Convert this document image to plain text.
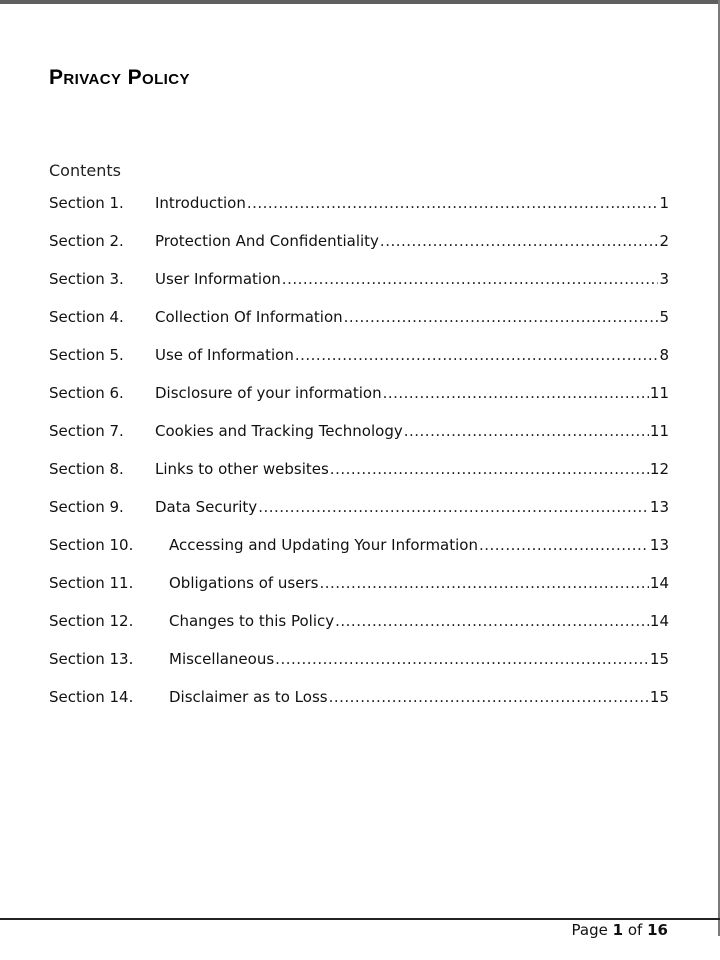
Privacy Policy
Contents
Section 1.	Introduction .....	1
Section 2.	Protection And Confidentiality .....	2
Section 3.	User Information .....	3
Section 4.	Collection Of Information .....	5
Section 5.	Use of Information .....	8
Section 6.	Disclosure of your information .....	11
Section 7.	Cookies and Tracking Technology .....	11
Section 8.	Links to other websites .....	12
Section 9.	Data Security .....	13
Section 10.	Accessing and Updating Your Information .....	13
Section 11.	Obligations of users .....	14
Section 12.	Changes to this Policy .....	14
Section 13.	Miscellaneous .....	15
Section 14.	Disclaimer as to Loss .....	15
Page 1 of 16
